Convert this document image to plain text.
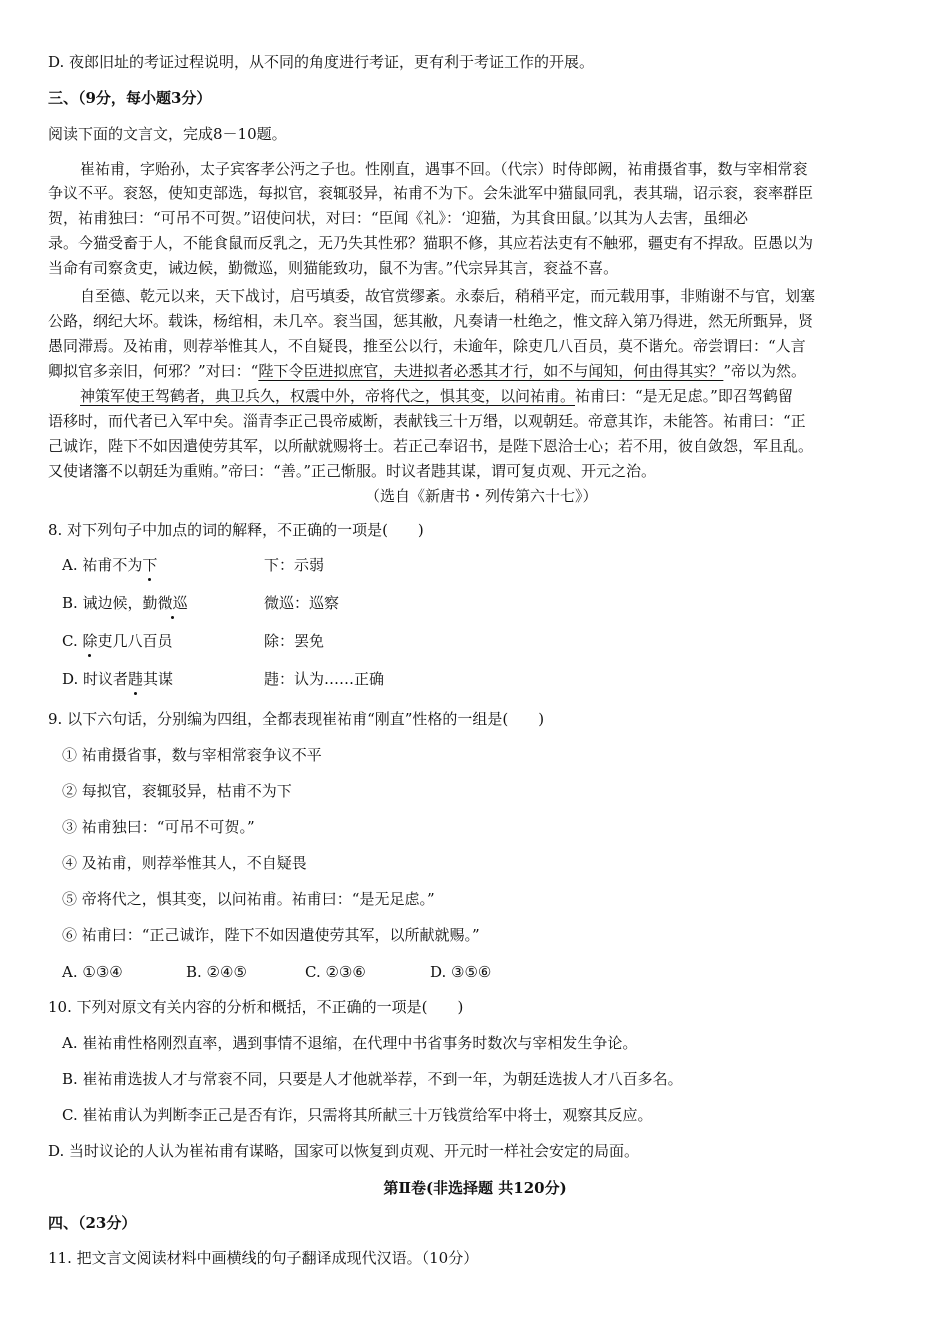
D. 夜郎旧址的考证过程说明，从不同的角度进行考证，更有利于考证工作的开展。
三、（9分，每小题3分）
阅读下面的文言文，完成8－10题。
崔祐甫，字贻孙，太子宾客孝公沔之子也。性刚直，遇事不回。（代宗）时侍郎阙，祐甫摄省事，数与宰相常衮
争议不平。衮怒，使知吏部选，每拟官，衮辄驳异，祐甫不为下。会朱泚军中猫鼠同乳，表其瑞，诏示衮，衮率群臣
贺，祐甫独曰：“可吊不可贺。”诏使问状，对曰：“臣闻《礼》：‘迎猫，为其食田鼠。’以其为人去害，虽细必
录。今猫受畜于人，不能食鼠而反乳之，无乃失其性邪？猫职不修，其应若法吏有不触邪，疆吏有不捍敌。臣愚以为
当命有司察贪吏，诫边候，勤微巡，则猫能致功，鼠不为害。”代宗异其言，衮益不喜。
自至德、乾元以来，天下战讨，启丐填委，故官赏缪紊。永泰后，稍稍平定，而元载用事，非贿谢不与官，划塞
公路，纲纪大坏。载诛，杨绾相，未几卒。衮当国，惩其敝，凡奏请一杜绝之，惟文辞入第乃得进，然无所甄异，贤
愚同滞焉。及祐甫，则荐举惟其人，不自疑畏，推至公以行，未逾年，除吏几八百员，莫不谐允。帝尝谓曰：“人言
卿拟官多亲旧，何邪？”对曰：“陛下令臣进拟庶官，夫进拟者必悉其才行，如不与闻知，何由得其实？”帝以为然。
神策军使王驾鹤者，典卫兵久，权震中外，帝将代之，惧其变，以问祐甫。祐甫曰：“是无足虑。”即召驾鹤留
语移时，而代者已入军中矣。淄青李正己畏帝威断，表献钱三十万缗，以观朝廷。帝意其诈，未能答。祐甫曰：“正
己诚诈，陛下不如因遣使劳其军，以所献就赐将士。若正己奉诏书，是陛下恩洽士心；若不用，彼自敛怨，军且乱。
又使诸籓不以朝廷为重贿。”帝曰：“善。”正己惭服。时议者韪其谋，谓可复贞观、开元之治。
（选自《新唐书・列传第六十七》）
8. 对下列句子中加点的词的解释，不正确的一项是(　　)
A. 祐甫不为下	下：示弱
B. 诫边候，勤微巡	微巡：巡察
C. 除吏几八百员	除：罢免
D. 时议者韪其谋	韪：认为……正确
9. 以下六句话，分别编为四组，全都表现崔祐甫“刚直”性格的一组是(　　)
① 祐甫摄省事，数与宰相常衮争议不平
② 每拟官，衮辄驳异，枯甫不为下
③ 祐甫独曰：“可吊不可贺。”
④ 及祐甫，则荐举惟其人，不自疑畏
⑤ 帝将代之，惧其变，以问祐甫。祐甫曰：“是无足虑。”
⑥ 祐甫曰：“正己诚诈，陛下不如因遣使劳其军，以所献就赐。”
A. ①③④	B. ②④⑤	C. ②③⑥	D. ③⑤⑥
10. 下列对原文有关内容的分析和概括，不正确的一项是(　　)
A. 崔祐甫性格刚烈直率，遇到事情不退缩，在代理中书省事务时数次与宰相发生争论。
B. 崔祐甫选拔人才与常衮不同，只要是人才他就举荐，不到一年，为朝廷选拔人才八百多名。
C. 崔祐甫认为判断李正己是否有诈，只需将其所献三十万钱赏给军中将士，观察其反应。
D. 当时议论的人认为崔祐甫有谋略，国家可以恢复到贞观、开元时一样社会安定的局面。
第Ⅱ卷(非选择题 共120分)
四、（23分）
11. 把文言文阅读材料中画横线的句子翻译成现代汉语。（10分）
